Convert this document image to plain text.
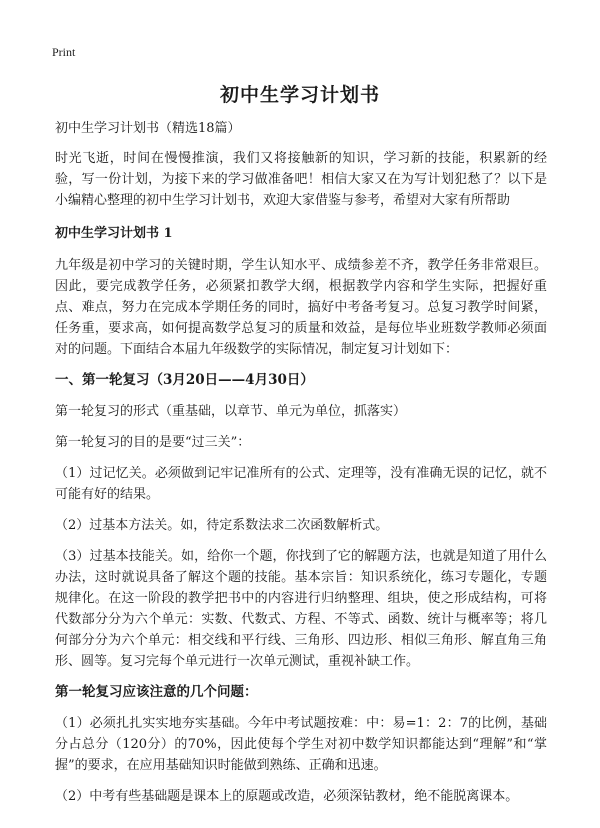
Print
初中生学习计划书

初中生学习计划书（精选18篇）

时光飞逝，时间在慢慢推演，我们又将接触新的知识，学习新的技能，积累新的经验，写一份计划，为接下来的学习做准备吧！相信大家又在为写计划犯愁了？以下是小编精心整理的初中生学习计划书，欢迎大家借鉴与参考，希望对大家有所帮助

初中生学习计划书 1

九年级是初中学习的关键时期，学生认知水平、成绩参差不齐，教学任务非常艰巨。因此，要完成教学任务，必须紧扣教学大纲，根据教学内容和学生实际，把握好重点、难点，努力在完成本学期任务的同时，搞好中考备考复习。总复习教学时间紧，任务重，要求高，如何提高数学总复习的质量和效益，是每位毕业班数学教师必须面对的问题。下面结合本届九年级数学的实际情况，制定复习计划如下：

一、第一轮复习（3月20日——4月30日）

第一轮复习的形式（重基础，以章节、单元为单位，抓落实）

第一轮复习的目的是要“过三关”：

（1）过记忆关。必须做到记牢记准所有的公式、定理等，没有准确无误的记忆，就不可能有好的结果。

（2）过基本方法关。如，待定系数法求二次函数解析式。

（3）过基本技能关。如，给你一个题，你找到了它的解题方法，也就是知道了用什么办法，这时就说具备了解这个题的技能。基本宗旨：知识系统化，练习专题化，专题规律化。在这一阶段的教学把书中的内容进行归纳整理、组块，使之形成结构，可将代数部分分为六个单元：实数、代数式、方程、不等式、函数、统计与概率等；将几何部分分为六个单元：相交线和平行线、三角形、四边形、相似三角形、解直角三角形、圆等。复习完每个单元进行一次单元测试，重视补缺工作。

第一轮复习应该注意的几个问题：

（1）必须扎扎实实地夯实基础。今年中考试题按难：中：易=1：2：7的比例，基础分占总分（120分）的70%，因此使每个学生对初中数学知识都能达到“理解”和“掌握”的要求，在应用基础知识时能做到熟练、正确和迅速。

（2）中考有些基础题是课本上的原题或改造，必须深钻教材，绝不能脱离课本。
